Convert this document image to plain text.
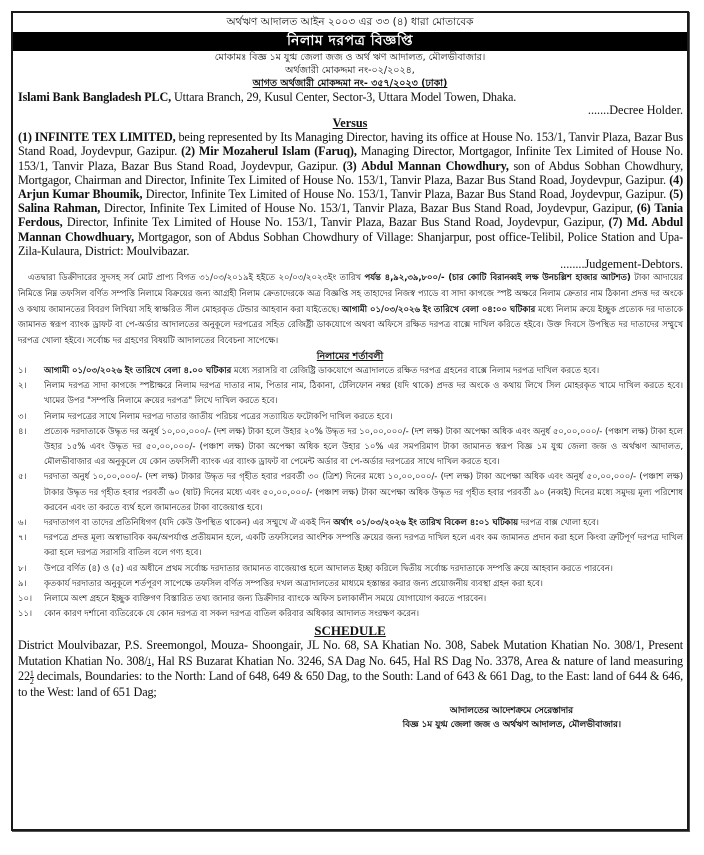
অর্থঋণ আদালত আইন ২০০৩ এর ৩৩ (৪) ধারা মোতাবেক
নিলাম দরপত্র বিজ্ঞপ্তি
মোকামঃ বিজ্ঞ ১ম যুগ্ম জেলা জজ ও অর্থ ঋণ আদালত, মৌলভীবাজার।
অর্থজারী মোকদ্দমা নং-০২/২০২৪,
আগত অর্থজারী মোকদ্দমা নং- ৩৫৭/২০২৩ (ঢাকা)
Islami Bank Bangladesh PLC, Uttara Branch, 29, Kusul Center, Sector-3, Uttara Model Towen, Dhaka.
.......Decree Holder.
Versus
(1) INFINITE TEX LIMITED, being represented by Its Managing Director, having its office at House No. 153/1, Tanvir Plaza, Bazar Bus Stand Road, Joydevpur, Gazipur. (2) Mir Mozaherul Islam (Faruq), Managing Director, Mortgagor, Infinite Tex Limited of House No. 153/1, Tanvir Plaza, Bazar Bus Stand Road, Joydevpur, Gazipur. (3) Abdul Mannan Chowdhury, son of Abdus Sobhan Chowdhury, Mortgagor, Chairman and Director, Infinite Tex Limited of House No. 153/1, Tanvir Plaza, Bazar Bus Stand Road, Joydevpur, Gazipur. (4) Arjun Kumar Bhoumik, Director, Infinite Tex Limited of House No. 153/1, Tanvir Plaza, Bazar Bus Stand Road, Joydevpur, Gazipur. (5) Salina Rahman, Director, Infinite Tex Limited of House No. 153/1, Tanvir Plaza, Bazar Bus Stand Road, Joydevpur, Gazipur, (6) Tania Ferdous, Director, Infinite Tex Limited of House No. 153/1, Tanvir Plaza, Bazar Bus Stand Road, Joydevpur, Gazipur, (7) Md. Abdul Mannan Chowdhuary, Mortgagor, son of Abdus Sobhan Chowdhury of Village: Shanjarpur, post office-Telibil, Police Station and Upa-Zila-Kulaura, District: Moulvibazar.
........Judgement-Debtors.

এতদ্বারা ডিক্রীদারের সুদসহ সর্ব মোট প্রাপ্য বিগত ৩১/০৩/২০১৯ই হইতে ২০/০৩/২০২৩ইং তারিখ পর্যন্ত ৪,৯২,৩৯,৮০০/- (চার কোটি বিরানব্বই লক্ষ উনচল্লিশ হাজার আটশত) টাকা আদায়ের নিমিত্তে নিম্ন তফসিল বর্ণিত সম্পত্তি নিলামে বিক্রয়ের জন্য আগ্রহী নিলাম ক্রেতাদেরকে অত্র বিজ্ঞপ্তি সহ তাহাদের নিজস্ব প্যাডে বা সাদা কাগজে স্পষ্ট অক্ষরে নিলাম ক্রেতার নাম ঠিকানা প্রদত্ত দর অংকে ও কথায় জামানতের বিবরণ লিখিয়া সহি স্বাক্ষরিত সীল মোহরকৃত টেন্ডার আহবান করা যাইতেছে। আগামী ০১/০৩/২০২৬ ইং তারিখে বেলা ০৪:০০ ঘটিকার মধ্যে নিলাম ক্রয়ে ইচ্ছুক প্রত্যেক দর দাতাকে জামানত স্বরূপ ব্যাংক ড্রাফট বা পে-অর্ডার আদালতের অনুকূলে দরপত্রের সহিত রেজিষ্ট্রী ডাকযোগে অথবা অফিসে রক্ষিত দরপত্র বাক্সে দাখিল করিতে হইবে। উক্ত দিবসে উপস্থিত দর দাতাদের সম্মুখে দরপত্র খোলা হইবে। সর্বোচ্চ দর গ্রহণের বিষয়টি আদালতের বিবেচনা সাপেক্ষে।

নিলামের শর্তাবলী
১।	আগামী ০১/০৩/২০২৬ ইং তারিখে বেলা ৪.০০ ঘটিকার মধ্যে সরাসরি বা রেজিষ্ট্রি ডাকযোগে অত্রাদালতে রক্ষিত দরপত্র গ্রহনের বাক্সে নিলাম দরপত্র দাখিল করতে হবে।
২।	নিলাম দরপত্র সাদা কাগজে স্পষ্টাক্ষরে নিলাম দরপত্র দাতার নাম, পিতার নাম, ঠিকানা, টেলিফোন নম্বর (যদি থাকে) প্রদত্ত দর অংকে ও কথায় লিখে সিল মোহরকৃত খামে দাখিল করতে হবে। খামের উপর "সম্পত্তি নিলামে ক্রয়ের দরপত্র" লিখে দাখিল করতে হবে।
৩।	নিলাম দরপত্রের সাথে নিলাম দরপত্র দাতার জাতীয় পরিচয় পত্রের সত্যায়িত ফটোকপি দাখিল করতে হবে।
৪।	প্রত্যেক দরদাতাকে উদ্ধৃত দর অনুর্ধ ১০,০০,০০০/- (দশ লক্ষ) টাকা হলে উহার ২০% উদ্ধৃত দর ১০,০০,০০০/- (দশ লক্ষ) টাকা অপেক্ষা অধিক এবং অনুর্ধ ৫০,০০,০০০/- (পঞ্চাশ লক্ষ) টাকা হলে উহার ১৫% এবং উদ্ধৃত দর ৫০,০০,০০০/- (পঞ্চাশ লক্ষ) টাকা অপেক্ষা অধিক হলে উহার ১০% এর সমপরিমাণ টাকা জামানত স্বরূপ বিজ্ঞ ১ম যুগ্ম জেলা জজ ও অর্থঋণ আদালত, মৌলভীবাজার এর অনুকূলে যে কোন তফসিলী ব্যাংক এর ব্যাংক ড্রাফট বা পেমেন্ট অর্ডার বা পে-অর্ডার দরপত্রের সাথে দাখিল করতে হবে।
৫।	দরদাতা অনুর্ধ ১০,০০,০০০/- (দশ লক্ষ) টাকার উদ্ধৃত দর গৃহীত হবার পরবর্তী ৩০ (ত্রিশ) দিনের মধ্যে ১০,০০,০০০/- (দশ লক্ষ) টাকা অপেক্ষা অধিক এবং অনুর্ধ ৫০,০০,০০০/- (পঞ্চাশ লক্ষ) টাকার উদ্ধৃত দর গৃহীত হবার পরবর্তী ৬০ (ষাট) দিনের মধ্যে এবং ৫০,০০,০০০/- (পঞ্চাশ লক্ষ) টাকা অপেক্ষা অধিক উদ্ধৃত দর গৃহীত হবার পরবর্তী ৯০ (নব্বই) দিনের মধ্যে সমুদয় মূল্য পরিশোধ করবেন এবং তা করতে ব্যর্থ হলে জামানতের টাকা বাজেয়াপ্ত হবে।
৬।	দরদাতাগণ বা তাদের প্রতিনিধিগণ (যদি কেউ উপস্থিত থাকেন) এর সম্মুখে ঐ একই দিন অর্থাৎ ০১/০৩/২০২৬ ইং তারিখ বিকেল ৪:০১ ঘটিকায় দরপত্র বাক্স খোলা হবে।
৭।	দরপত্রে প্রদত্ত মূল্য অস্বাভাবিক কম/অপর্যাপ্ত প্রতীয়মান হলে, একটি তফসিলের আংশিক সম্পত্তি ক্রয়ের জন্য দরপত্র দাখিল হলে এবং কম জামানত প্রদান করা হলে কিংবা ত্রুটিপূর্ণ দরপত্র দাখিল করা হলে দরপত্র সরাসরি বাতিল বলে গণ্য হবে।
৮।	উপরে বর্ণিত (৪) ও (৫) এর অধীনে প্রথম সর্বোচ্চ দরদাতার জামানত বাজেয়াপ্ত হলে আদালত ইচ্ছা করিলে দ্বিতীয় সর্বোচ্চ দরদাতাকে সম্পত্তি ক্রয়ে আহবান করতে পারবেন।
৯।	কৃতকার্য দরদাতার অনুকূলে শর্তপূরণ সাপেক্ষে তফসিল বর্ণিত সম্পত্তির দখল অত্রাদালতের মাধ্যমে হস্তান্তর করার জন্য প্রয়োজনীয় ব্যবস্থা গ্রহন করা হবে।
১০।	নিলামে অংশ গ্রহনে ইচ্ছুক ব্যক্তিগণ বিস্তারিত তথ্য জানার জন্য ডিক্রীদার ব্যাংকে অফিস চলাকালীন সময়ে যোগাযোগ করতে পারবেন।
১১।	কোন কারণ দর্শানো ব্যতিরেকে যে কোন দরপত্র বা সকল দরপত্র বাতিল করিবার অধিকার আদালত সংরক্ষণ করেন।
SCHEDULE

District Moulvibazar, P.S. Sreemongol, Mouza- Shoongair, JL No. 68, SA Khatian No. 308, Sabek Mutation Khatian No. 308/1, Present Mutation Khatian No. 308/ 1 , Hal RS Buzarat Khatian No. 3246, SA Dag No. 645, Hal RS Dag No. 3378, Area & nature of land measuring $22 \frac{1}{2}$ decimals, Boundaries: to the North: Land of 648, 649 & 650 Dag, to the South: Land of 643 & 661 Dag, to the East: land of 644 & 646, to the West: land of 651 Dag;

আদালতের আদেশক্রমে সেরেস্তাদার
বিজ্ঞ ১ম যুগ্ম জেলা জজ ও অর্থঋণ আদালত, মৌলভীবাজার।
